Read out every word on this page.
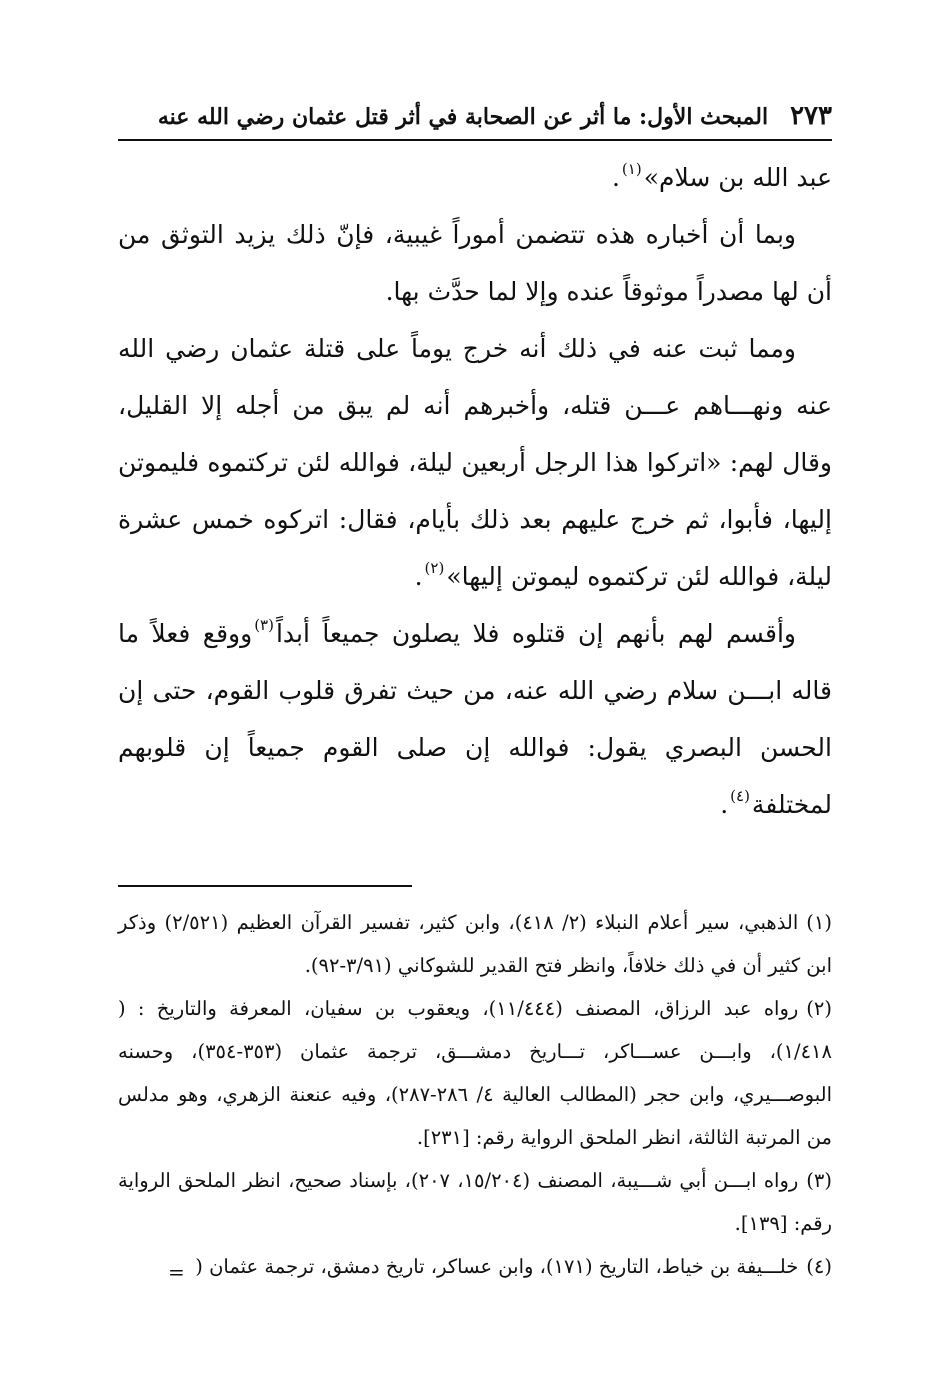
٢٧٣
المبحث الأول: ما أثر عن الصحابة في أثر قتل عثمان رضي الله عنه

عبد الله بن سلام»$^{(١)}$.

وبما أن أخباره هذه تتضمن أموراً غيبية، فإنّ ذلك يزيد التوثق من أن لها مصدراً موثوقاً عنده وإلا لما حدَّث بها.

ومما ثبت عنه في ذلك أنه خرج يوماً على قتلة عثمان رضي الله عنه ونهـــاهم عـــن قتله، وأخبرهم أنه لم يبق من أجله إلا القليل، وقال لهم: «اتركوا هذا الرجل أربعين ليلة، فوالله لئن تركتموه فليموتن إليها، فأبوا، ثم خرج عليهم بعد ذلك بأيام، فقال: اتركوه خمس عشرة ليلة، فوالله لئن تركتموه ليموتن إليها»$^{(٢)}$.

وأقسم لهم بأنهم إن قتلوه فلا يصلون جميعاً أبداً$^{(٣)}$ووقع فعلاً ما قاله ابـــن سلام رضي الله عنه، من حيث تفرق قلوب القوم، حتى إن الحسن البصري يقول: فوالله إن صلى القوم جميعاً إن قلوبهم لمختلفة$^{(٤)}$.

(١)الذهبي، سير أعلام النبلاء (٢/ ٤١٨)، وابن كثير، تفسير القرآن العظيم (٢/٥٢١) وذكر ابن كثير أن في ذلك خلافاً، وانظر فتح القدير للشوكاني (٣/٩١-٩٢).

(٢)رواه عبد الرزاق، المصنف (١١/٤٤٤)، ويعقوب بن سفيان، المعرفة والتاريخ : ( ١/٤١٨)، وابـــن عســـاكر، تـــاريخ دمشـــق، ترجمة عثمان (٣٥٣-٣٥٤)، وحسنه البوصـــيري، وابن حجر (المطالب العالية ٤/ ٢٨٦-٢٨٧)، وفيه عنعنة الزهري، وهو مدلس من المرتبة الثالثة، انظر الملحق الرواية رقم: [٢٣١].

(٣)رواه ابـــن أبي شـــيبة، المصنف (١٥/٢٠٤، ٢٠٧)، بإسناد صحيح، انظر الملحق الرواية رقم: [١٣٩].

(٤)خلـــيفة بن خياط، التاريخ (١٧١)، وابن عساكر، تاريخ دمشق، ترجمة عثمان (

=
